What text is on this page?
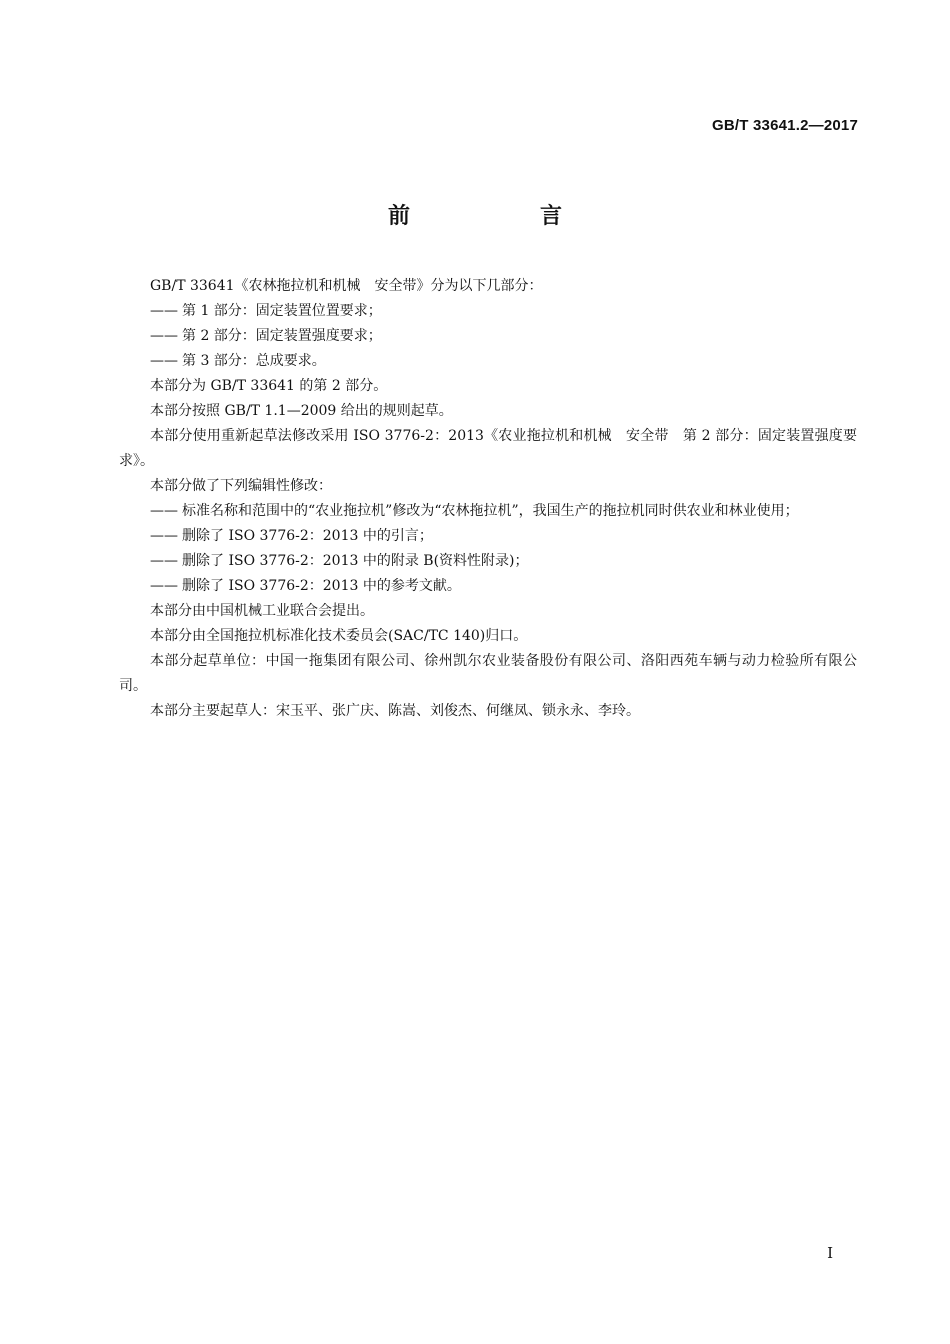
GB/T 33641.2—2017
前　言

GB/T 33641《农林拖拉机和机械　安全带》分为以下几部分：

—— 第 1 部分：固定装置位置要求；

—— 第 2 部分：固定装置强度要求；

—— 第 3 部分：总成要求。

本部分为 GB/T 33641 的第 2 部分。

本部分按照 GB/T 1.1—2009 给出的规则起草。

本部分使用重新起草法修改采用 ISO 3776-2：2013《农业拖拉机和机械　安全带　第 2 部分：固定装置强度要求》。

本部分做了下列编辑性修改：

—— 标准名称和范围中的“农业拖拉机”修改为“农林拖拉机”，我国生产的拖拉机同时供农业和林业使用；

—— 删除了 ISO 3776-2：2013 中的引言；

—— 删除了 ISO 3776-2：2013 中的附录 B(资料性附录)；

—— 删除了 ISO 3776-2：2013 中的参考文献。

本部分由中国机械工业联合会提出。

本部分由全国拖拉机标准化技术委员会(SAC/TC 140)归口。

本部分起草单位：中国一拖集团有限公司、徐州凯尔农业装备股份有限公司、洛阳西苑车辆与动力检验所有限公司。

本部分主要起草人：宋玉平、张广庆、陈嵩、刘俊杰、何继凤、锁永永、李玲。

I
